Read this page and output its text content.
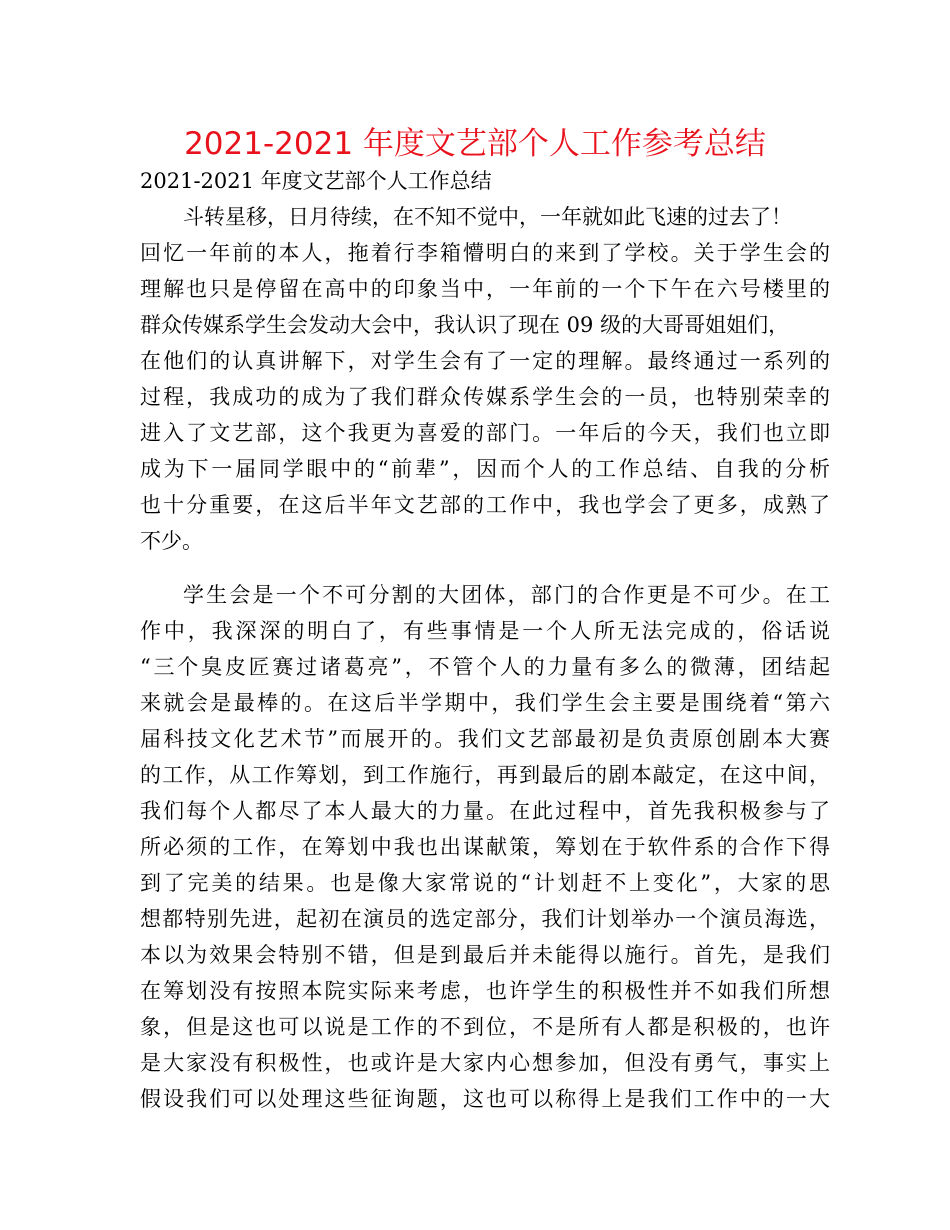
2021-2021 年度文艺部个人工作参考总结
2021-2021 年度文艺部个人工作总结
斗转星移，日月待续，在不知不觉中，一年就如此飞速的过去了！
回忆一年前的本人，拖着行李箱懵明白的来到了学校。关于学生会的
理解也只是停留在高中的印象当中，一年前的一个下午在六号楼里的
群众传媒系学生会发动大会中，我认识了现在 09 级的大哥哥姐姐们，
在他们的认真讲解下，对学生会有了一定的理解。最终通过一系列的
过程，我成功的成为了我们群众传媒系学生会的一员，也特别荣幸的
进入了文艺部，这个我更为喜爱的部门。一年后的今天，我们也立即
成为下一届同学眼中的“前辈”，因而个人的工作总结、自我的分析
也十分重要，在这后半年文艺部的工作中，我也学会了更多，成熟了
不少。
学生会是一个不可分割的大团体，部门的合作更是不可少。在工
作中，我深深的明白了，有些事情是一个人所无法完成的，俗话说
“三个臭皮匠赛过诸葛亮”，不管个人的力量有多么的微薄，团结起
来就会是最棒的。在这后半学期中，我们学生会主要是围绕着“第六
届科技文化艺术节”而展开的。我们文艺部最初是负责原创剧本大赛
的工作，从工作筹划，到工作施行，再到最后的剧本敲定，在这中间，
我们每个人都尽了本人最大的力量。在此过程中，首先我积极参与了
所必须的工作，在筹划中我也出谋献策，筹划在于软件系的合作下得
到了完美的结果。也是像大家常说的“计划赶不上变化”，大家的思
想都特别先进，起初在演员的选定部分，我们计划举办一个演员海选，
本以为效果会特别不错，但是到最后并未能得以施行。首先，是我们
在筹划没有按照本院实际来考虑，也许学生的积极性并不如我们所想
象，但是这也可以说是工作的不到位，不是所有人都是积极的，也许
是大家没有积极性，也或许是大家内心想参加，但没有勇气，事实上
假设我们可以处理这些征询题，这也可以称得上是我们工作中的一大
